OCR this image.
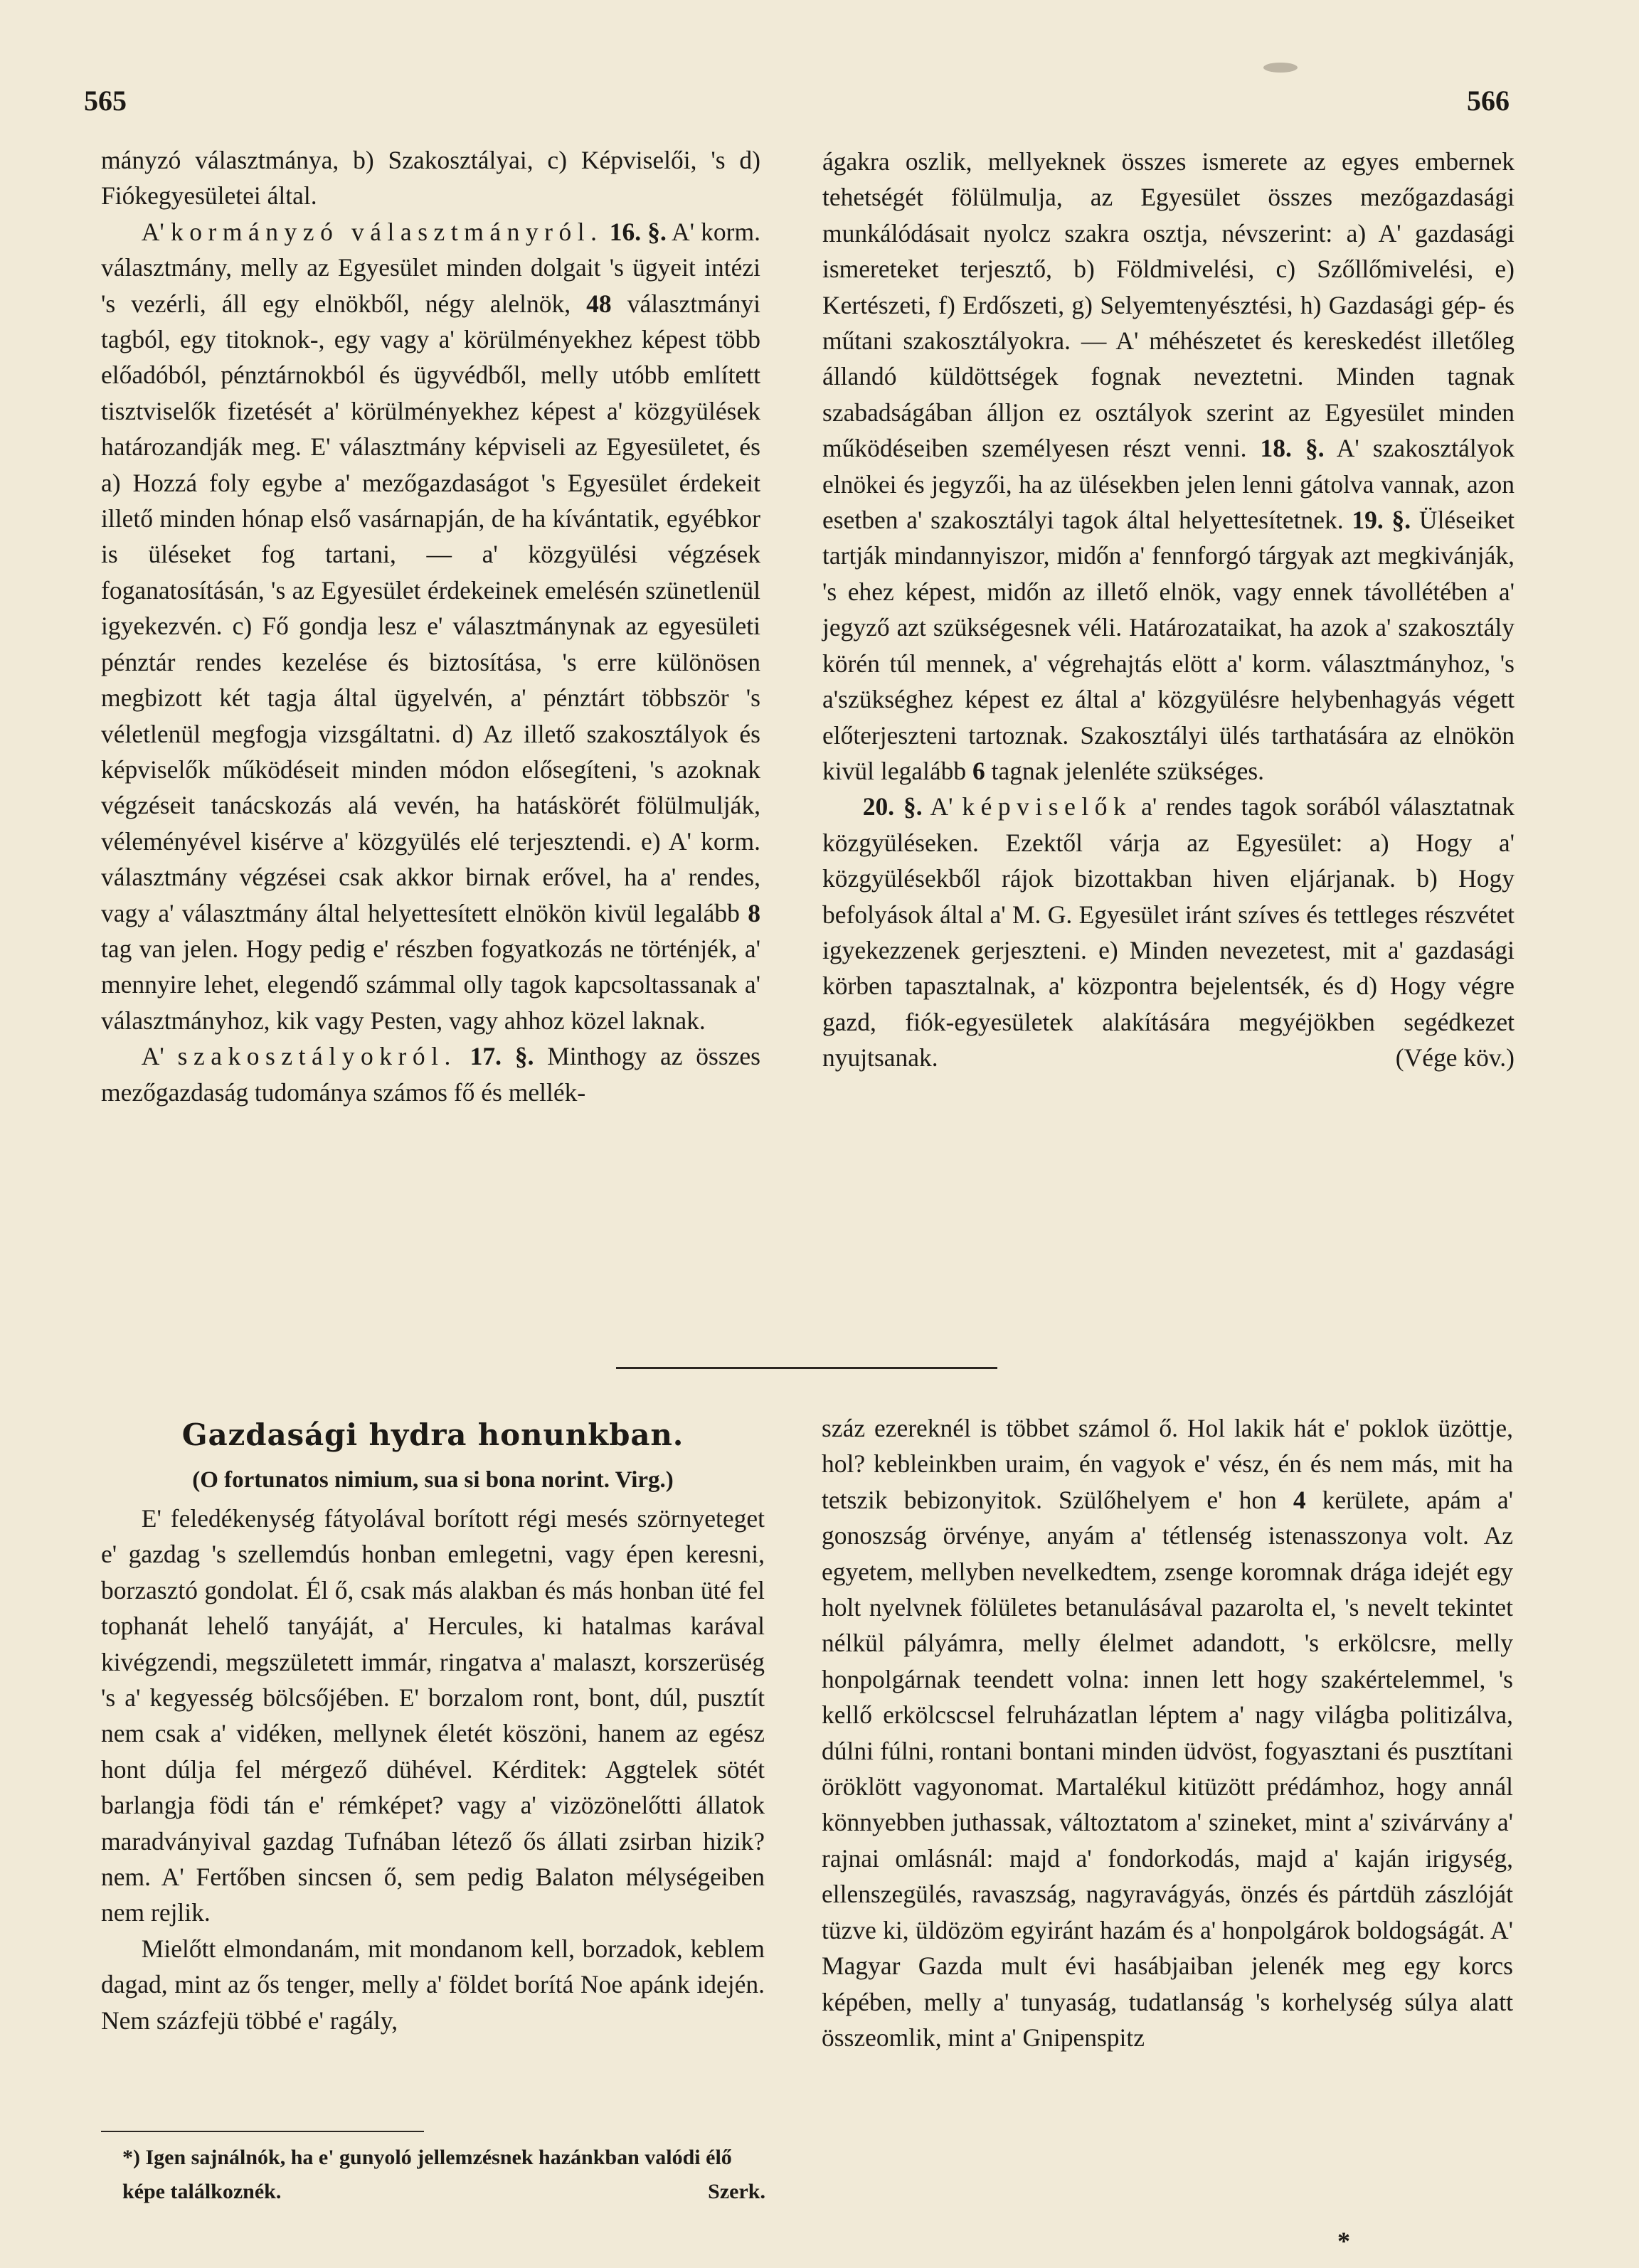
565	566

mányzó választmánya, b) Szakosztályai, c) Képviselői, 's d) Fiókegyesületei által.

A' kormányzó választmányról. 16. §. A' korm. választmány, melly az Egyesület minden dolgait 's ügyeit intézi 's vezérli, áll egy elnökből, négy alelnök, 48 választmányi tagból, egy titoknok-, egy vagy a' körülményekhez képest több előadóból, pénztárnokból és ügyvédből, melly utóbb említett tisztviselők fizetését a' körülményekhez képest a' közgyülések határozandják meg. E' választmány képviseli az Egyesületet, és a) Hozzá foly egybe a' mezőgazdaságot 's Egyesület érdekeit illető minden hónap első vasárnapján, de ha kívántatik, egyébkor is üléseket fog tartani, — a' közgyülési végzések foganatosításán, 's az Egyesület érdekeinek emelésén szünetlenül igyekezvén. c) Fő gondja lesz e' választmánynak az egyesületi pénztár rendes kezelése és biztosítása, 's erre különösen megbizott két tagja által ügyelvén, a' pénztárt többször 's véletlenül megfogja vizsgáltatni. d) Az illető szakosztályok és képviselők működéseit minden módon elősegíteni, 's azoknak végzéseit tanácskozás alá vevén, ha hatáskörét fölülmulják, véleményével kisérve a' közgyülés elé terjesztendi. e) A' korm. választmány végzései csak akkor birnak erővel, ha a' rendes, vagy a' választmány által helyettesített elnökön kivül legalább 8 tag van jelen. Hogy pedig e' részben fogyatkozás ne történjék, a' mennyire lehet, elegendő számmal olly tagok kapcsoltassanak a' választmányhoz, kik vagy Pesten, vagy ahhoz közel laknak.

A' szakosztályokról. 17. §. Minthogy az összes mezőgazdaság tudománya számos fő és mellék-

ágakra oszlik, mellyeknek összes ismerete az egyes embernek tehetségét fölülmulja, az Egyesület összes mezőgazdasági munkálódásait nyolcz szakra osztja, névszerint: a) A' gazdasági ismereteket terjesztő, b) Földmivelési, c) Szőllőmivelési, e) Kertészeti, f) Erdőszeti, g) Selyemtenyésztési, h) Gazdasági gép- és műtani szakosztályokra. — A' méhészetet és kereskedést illetőleg állandó küldöttségek fognak neveztetni. Minden tagnak szabadságában álljon ez osztályok szerint az Egyesület minden működéseiben személyesen részt venni. 18. §. A' szakosztályok elnökei és jegyzői, ha az ülésekben jelen lenni gátolva vannak, azon esetben a' szakosztályi tagok által helyettesítetnek. 19. §. Üléseiket tartják mindannyiszor, midőn a' fennforgó tárgyak azt megkivánják, 's ehez képest, midőn az illető elnök, vagy ennek távollétében a' jegyző azt szükségesnek véli. Határozataikat, ha azok a' szakosztály körén túl mennek, a' végrehajtás elött a' korm. választmányhoz, 's a'szükséghez képest ez által a' közgyülésre helybenhagyás végett előterjeszteni tartoznak. Szakosztályi ülés tarthatására az elnökön kivül legalább 6 tagnak jelenléte szükséges.

20. §. A' képviselők a' rendes tagok sorából választatnak közgyüléseken. Ezektől várja az Egyesület: a) Hogy a' közgyülésekből rájok bizottakban hiven eljárjanak. b) Hogy befolyások által a' M. G. Egyesület iránt szíves és tettleges részvétet igyekezzenek gerjeszteni. e) Minden nevezetest, mit a' gazdasági körben tapasztalnak, a' központra bejelentsék, és d) Hogy végre gazd, fiók-egyesületek alakítására megyéjökben segédkezet nyujtsanak.	(Vége köv.)

Gazdasági hydra honunkban.

(O fortunatos nimium, sua si bona norint. Virg.)

E' feledékenység fátyolával borított régi mesés szörnyeteget e' gazdag 's szellemdús honban emlegetni, vagy épen keresni, borzasztó gondolat. Él ő, csak más alakban és más honban üté fel tophanát lehelő tanyáját, a' Hercules, ki hatalmas karával kivégzendi, megszületett immár, ringatva a' malaszt, korszerüség 's a' kegyesség bölcsőjében. E' borzalom ront, bont, dúl, pusztít nem csak a' vidéken, mellynek életét köszöni, hanem az egész hont dúlja fel mérgező dühével. Kérditek: Aggtelek sötét barlangja födi tán e' rémképet? vagy a' vizözönelőtti állatok maradványival gazdag Tufnában létező ős állati zsirban hizik? nem. A' Fertőben sincsen ő, sem pedig Balaton mélységeiben nem rejlik.

Mielőtt elmondanám, mit mondanom kell, borzadok, keblem dagad, mint az ős tenger, melly a' földet borítá Noe apánk idején. Nem százfejü többé e' ragály,

száz ezereknél is többet számol ő. Hol lakik hát e' poklok üzöttje, hol? kebleinkben uraim, én vagyok e' vész, én és nem más, mit ha tetszik bebizonyitok. Szülőhelyem e' hon 4 kerülete, apám a' gonoszság örvénye, anyám a' tétlenség istenasszonya volt. Az egyetem, mellyben nevelkedtem, zsenge koromnak drága idejét egy holt nyelvnek fölületes betanulásával pazarolta el, 's nevelt tekintet nélkül pályámra, melly élelmet adandott, 's erkölcsre, melly honpolgárnak teendett volna: innen lett hogy szakértelemmel, 's kellő erkölcscsel felruházatlan léptem a' nagy világba politizálva, dúlni fúlni, rontani bontani minden üdvöst, fogyasztani és pusztítani öröklött vagyonomat. Martalékul kitüzött prédámhoz, hogy annál könnyebben juthassak, változtatom a' szineket, mint a' szivárvány a' rajnai omlásnál: majd a' fondorkodás, majd a' kaján irigység, ellenszegülés, ravaszság, nagyravágyás, önzés és pártdüh zászlóját tüzve ki, üldözöm egyiránt hazám és a' honpolgárok boldogságát. A' Magyar Gazda mult évi hasábjaiban jelenék meg egy korcs képében, melly a' tunyaság, tudatlanság 's korhelység súlya alatt összeomlik, mint a' Gnipenspitz

*) Igen sajnálnók, ha e' gunyoló jellemzésnek hazánkban valódi élő képe találkoznék.	Szerk.

*
